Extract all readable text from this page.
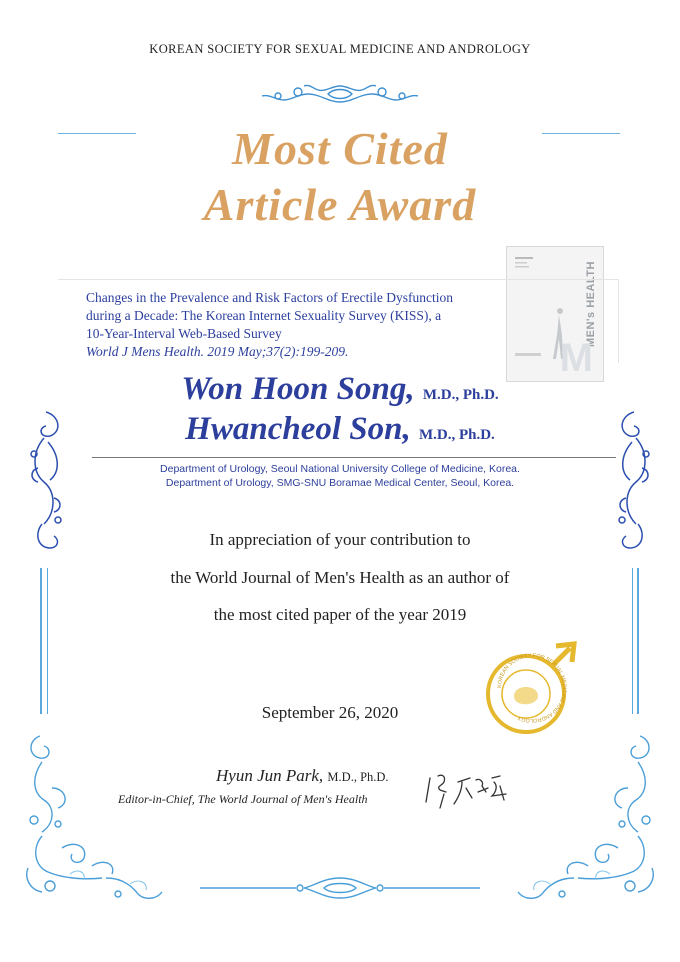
KOREAN SOCIETY FOR SEXUAL MEDICINE AND ANDROLOGY
Most Cited
Article Award
MEN's HEALTH
M
Changes in the Prevalence and Risk Factors of Erectile Dysfunction
during a Decade: The Korean Internet Sexuality Survey (KISS), a
10-Year-Interval Web-Based Survey
World J Mens Health. 2019 May;37(2):199-209.
Won Hoon Song, M.D., Ph.D.
Hwancheol Son, M.D., Ph.D.
Department of Urology, Seoul National University College of Medicine, Korea.
Department of Urology, SMG-SNU Boramae Medical Center, Seoul, Korea.
In appreciation of your contribution to
the World Journal of Men's Health as an author of
the most cited paper of the year 2019
September 26, 2020
KOREAN SOCIETY FOR SEXUAL MEDICINE AND ANDROLOGY
Hyun Jun Park, M.D., Ph.D.
Editor-in-Chief, The World Journal of Men's Health
